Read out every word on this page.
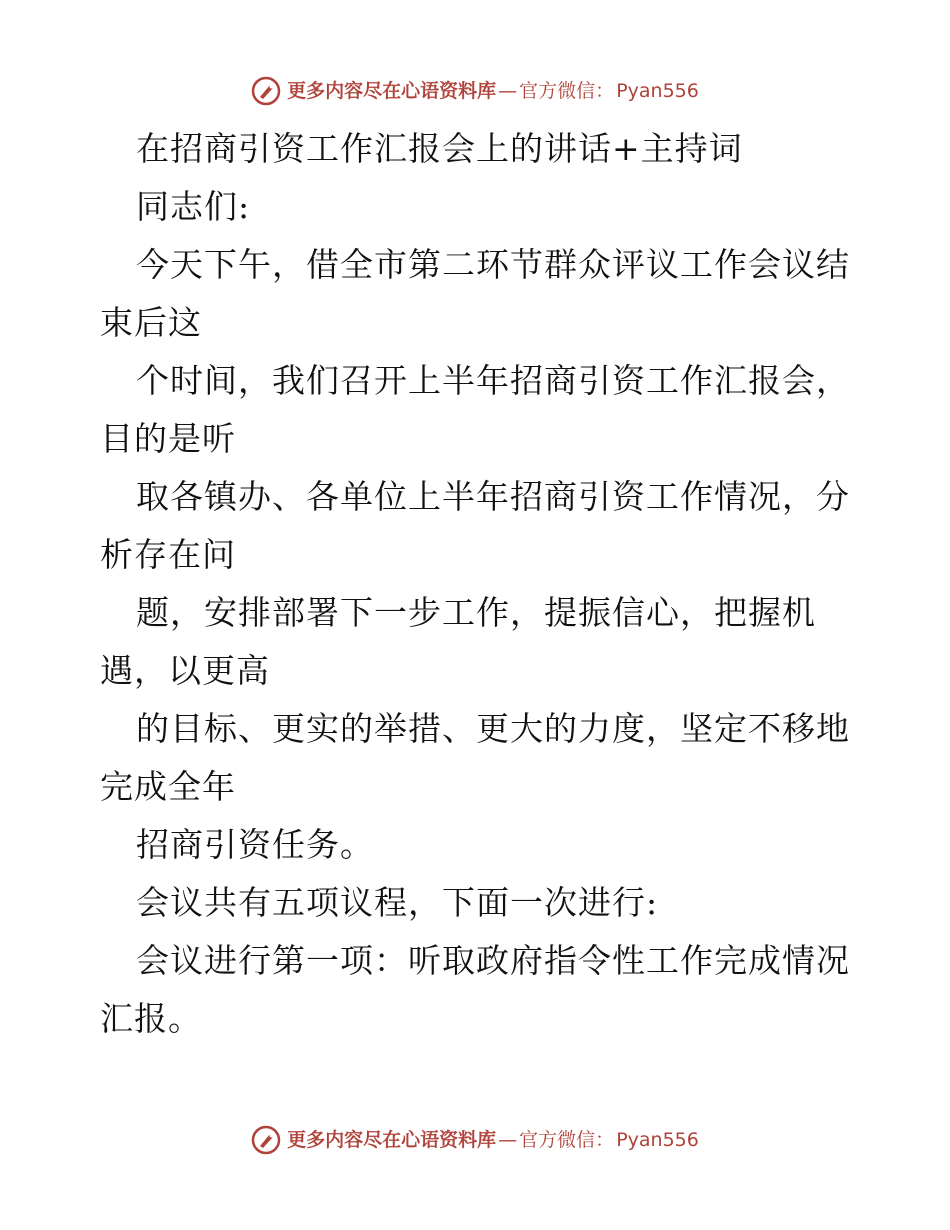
更多内容尽在心语资料库 — 官方微信： Pyan556
在招商引资工作汇报会上的讲话+主持词
同志们:
今天下午，借全市第二环节群众评议工作会议结
束后这
个时间，我们召开上半年招商引资工作汇报会，
目的是听
取各镇办、各单位上半年招商引资工作情况，分
析存在问
题，安排部署下一步工作，提振信心，把握机
遇，以更高
的目标、更实的举措、更大的力度，坚定不移地
完成全年
招商引资任务。
会议共有五项议程，下面一次进行:
会议进行第一项：听取政府指令性工作完成情况
汇报。
更多内容尽在心语资料库 — 官方微信： Pyan556
